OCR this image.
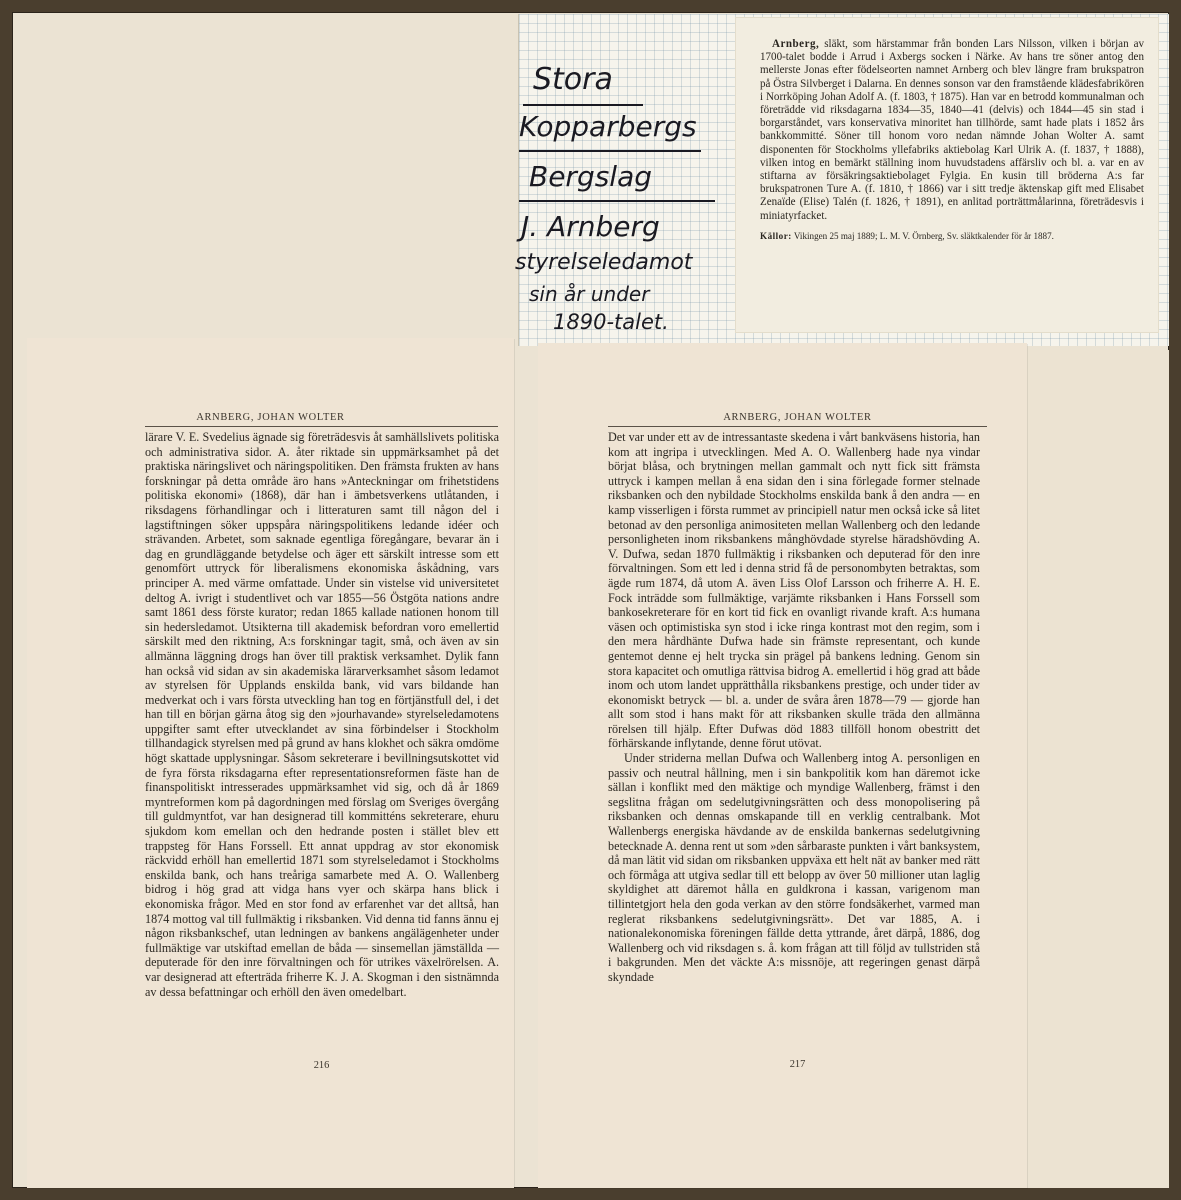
Stora
Kopparbergs
Bergslag
J. Arnberg
styrelseledamot
sin år under
1890-talet.

Arnberg, släkt, som härstammar från bonden Lars Nilsson, vilken i början av 1700-talet bodde i Arrud i Axbergs socken i Närke. Av hans tre söner antog den mellerste Jonas efter födelseorten namnet Arnberg och blev längre fram brukspatron på Östra Silvberget i Dalarna. En dennes sonson var den framstående klädesfabrikören i Norrköping Johan Adolf A. (f. 1803, † 1875). Han var en betrodd kommunalman och företrädde vid riksdagarna 1834—35, 1840—41 (delvis) och 1844—45 sin stad i borgarståndet, vars konservativa minoritet han tillhörde, samt hade plats i 1852 års bankkommitté. Söner till honom voro nedan nämnde Johan Wolter A. samt disponenten för Stockholms yllefabriks aktiebolag Karl Ulrik A. (f. 1837, † 1888), vilken intog en bemärkt ställning inom huvudstadens affärsliv och bl. a. var en av stiftarna av försäkringsaktiebolaget Fylgia. En kusin till bröderna A:s far brukspatronen Ture A. (f. 1810, † 1866) var i sitt tredje äktenskap gift med Elisabet Zenaïde (Elise) Talén (f. 1826, † 1891), en anlitad porträttmålarinna, företrädesvis i miniatyrfacket.

Källor: Vikingen 25 maj 1889; L. M. V. Örnberg, Sv. släktkalender för år 1887.

ARNBERG, JOHAN WOLTER

lärare V. E. Svedelius ägnade sig företrädesvis åt samhällslivets politiska och administrativa sidor. A. åter riktade sin uppmärksamhet på det praktiska näringslivet och näringspolitiken. Den främsta frukten av hans forskningar på detta område äro hans »Anteckningar om frihetstidens politiska ekonomi» (1868), där han i ämbetsverkens utlåtanden, i riksdagens förhandlingar och i litteraturen samt till någon del i lagstiftningen söker uppspåra näringspolitikens ledande idéer och strävanden. Arbetet, som saknade egentliga föregångare, bevarar än i dag en grundläggande betydelse och äger ett särskilt intresse som ett genomfört uttryck för liberalismens ekonomiska åskådning, vars principer A. med värme omfattade. Under sin vistelse vid universitetet deltog A. ivrigt i studentlivet och var 1855—56 Östgöta nations andre samt 1861 dess förste kurator; redan 1865 kallade nationen honom till sin hedersledamot. Utsikterna till akademisk befordran voro emellertid särskilt med den riktning, A:s forskningar tagit, små, och även av sin allmänna läggning drogs han över till praktisk verksamhet. Dylik fann han också vid sidan av sin akademiska lärarverksamhet såsom ledamot av styrelsen för Upplands enskilda bank, vid vars bildande han medverkat och i vars första utveckling han tog en förtjänstfull del, i det han till en början gärna åtog sig den »jourhavande» styrelseledamotens uppgifter samt efter utvecklandet av sina förbindelser i Stockholm tillhandagick styrelsen med på grund av hans klokhet och säkra omdöme högt skattade upplysningar. Såsom sekreterare i bevillningsutskottet vid de fyra första riksdagarna efter representationsreformen fäste han de finanspolitiskt intresserades uppmärksamhet vid sig, och då år 1869 myntreformen kom på dagordningen med förslag om Sveriges övergång till guldmyntfot, var han designerad till kommitténs sekreterare, ehuru sjukdom kom emellan och den hedrande posten i stället blev ett trappsteg för Hans Forssell. Ett annat uppdrag av stor ekonomisk räckvidd erhöll han emellertid 1871 som styrelseledamot i Stockholms enskilda bank, och hans treåriga samarbete med A. O. Wallenberg bidrog i hög grad att vidga hans vyer och skärpa hans blick i ekonomiska frågor. Med en stor fond av erfarenhet var det alltså, han 1874 mottog val till fullmäktig i riksbanken. Vid denna tid fanns ännu ej någon riksbankschef, utan ledningen av bankens angälägenheter under fullmäktige var utskiftad emellan de båda — sinsemellan jämställda — deputerade för den inre förvaltningen och för utrikes växelrörelsen. A. var designerad att efterträda friherre K. J. A. Skogman i den sistnämnda av dessa befattningar och erhöll den även omedelbart.

216
ARNBERG, JOHAN WOLTER
Det var under ett av de intressantaste skedena i vårt bankväsens historia, han kom att ingripa i utvecklingen. Med A. O. Wallenberg hade nya vindar börjat blåsa, och brytningen mellan gammalt och nytt fick sitt främsta uttryck i kampen mellan å ena sidan den i sina förlegade former stelnade riksbanken och den nybildade Stockholms enskilda bank å den andra — en kamp visserligen i första rummet av principiell natur men också icke så litet betonad av den personliga animositeten mellan Wallenberg och den ledande personligheten inom riksbankens månghövdade styrelse häradshövding A. V. Dufwa, sedan 1870 fullmäktig i riksbanken och deputerad för den inre förvaltningen. Som ett led i denna strid få de personombyten betraktas, som ägde rum 1874, då utom A. även Liss Olof Larsson och friherre A. H. E. Fock inträdde som fullmäktige, varjämte riksbanken i Hans Forssell som bankosekreterare för en kort tid fick en ovanligt rivande kraft. A:s humana väsen och optimistiska syn stod i icke ringa kontrast mot den regim, som i den mera hårdhänte Dufwa hade sin främste representant, och kunde gentemot denne ej helt trycka sin prägel på bankens ledning. Genom sin stora kapacitet och omutliga rättvisa bidrog A. emellertid i hög grad att både inom och utom landet upprätthålla riksbankens prestige, och under tider av ekonomiskt betryck — bl. a. under de svåra åren 1878—79 — gjorde han allt som stod i hans makt för att riksbanken skulle träda den allmänna rörelsen till hjälp. Efter Dufwas död 1883 tillföll honom obestritt det förhärskande inflytande, denne förut utövat.
Under striderna mellan Dufwa och Wallenberg intog A. personligen en passiv och neutral hållning, men i sin bankpolitik kom han däremot icke sällan i konflikt med den mäktige och myndige Wallenberg, främst i den segslitna frågan om sedelutgivningsrätten och dess monopolisering på riksbanken och dennas omskapande till en verklig centralbank. Mot Wallenbergs energiska hävdande av de enskilda bankernas sedelutgivning betecknade A. denna rent ut som »den sårbaraste punkten i vårt banksystem, då man lätit vid sidan om riksbanken uppväxa ett helt nät av banker med rätt och förmåga att utgiva sedlar till ett belopp av över 50 millioner utan laglig skyldighet att däremot hålla en guldkrona i kassan, varigenom man tillintetgjort hela den goda verkan av den större fondsäkerhet, varmed man reglerat riksbankens sedelutgivningsrätt». Det var 1885, A. i nationalekonomiska föreningen fällde detta yttrande, året därpå, 1886, dog Wallenberg och vid riksdagen s. å. kom frågan att till följd av tullstriden stå i bakgrunden. Men det väckte A:s missnöje, att regeringen genast därpå skyndade
217
